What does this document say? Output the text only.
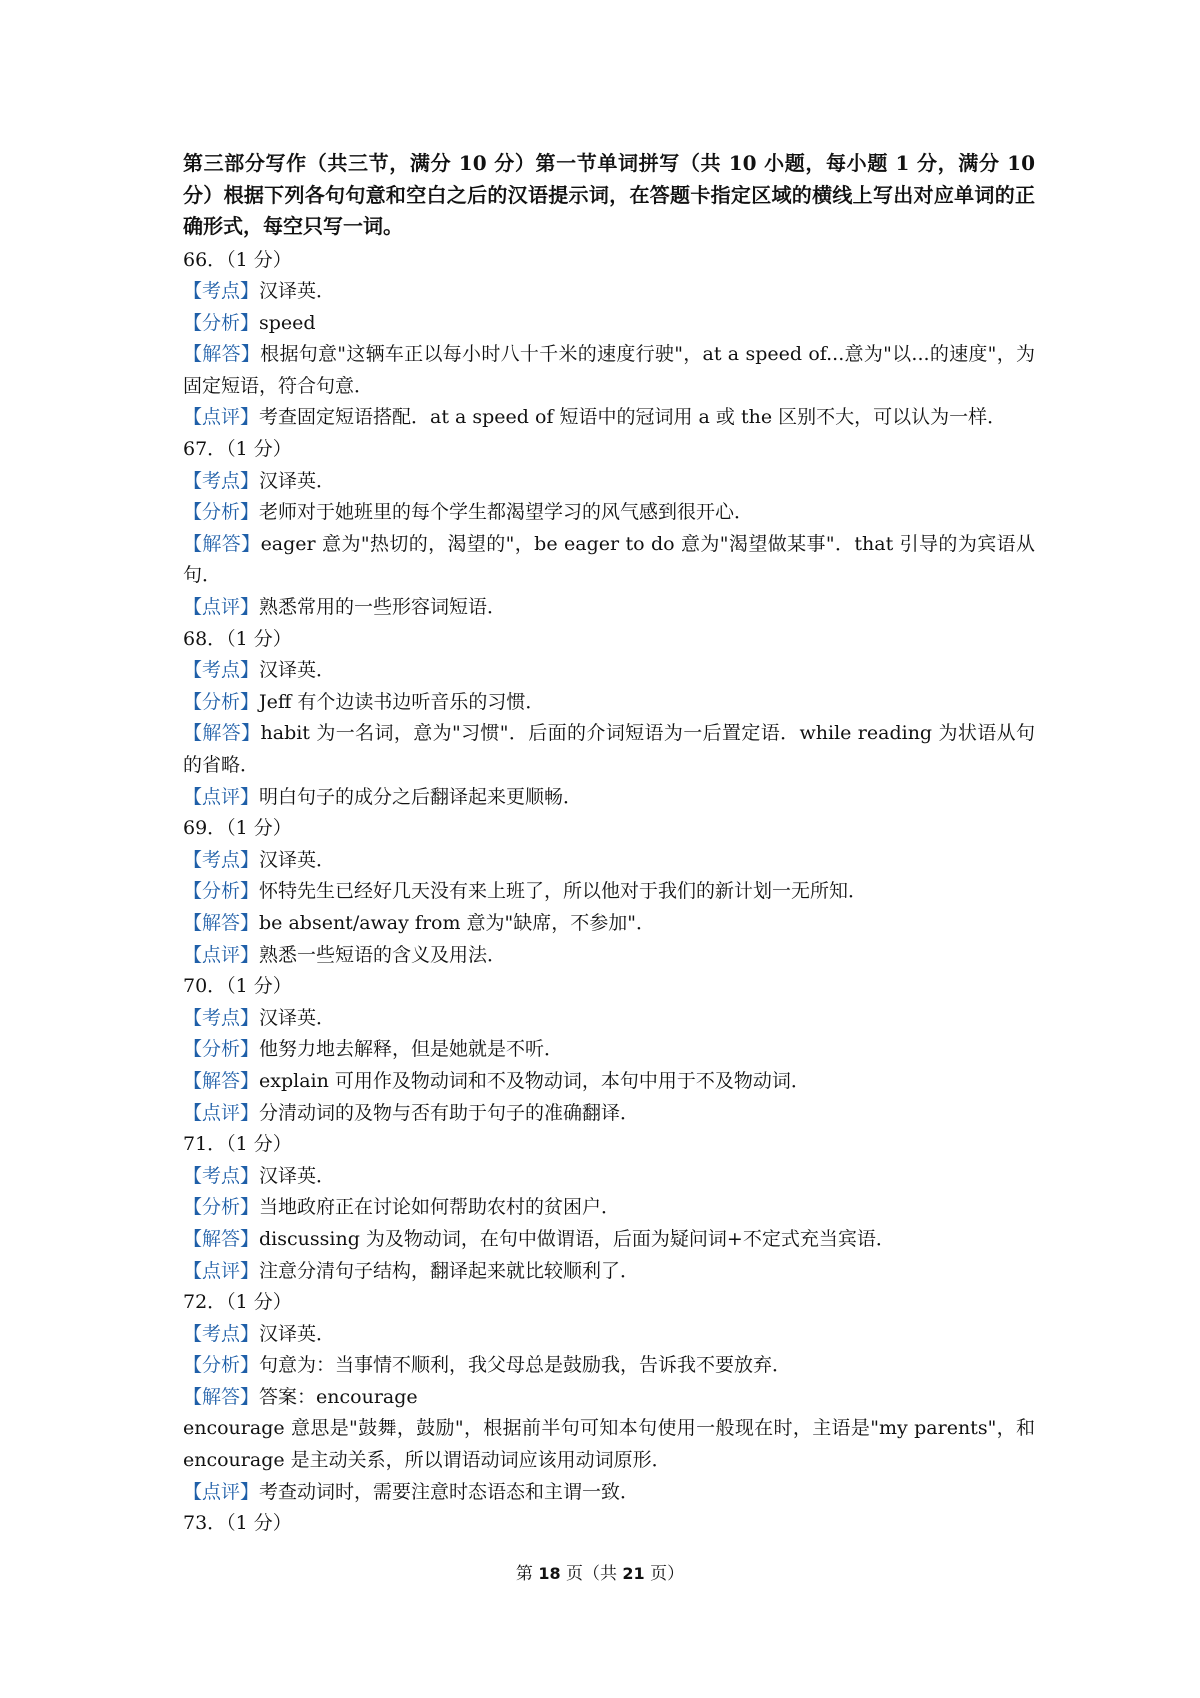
第三部分写作（共三节，满分 10 分）第一节单词拼写（共 10 小题，每小题 1 分，满分 10 分）根据下列各句句意和空白之后的汉语提示词，在答题卡指定区域的横线上写出对应单词的正确形式，每空只写一词。
66．（1 分）
【考点】汉译英．
【分析】speed
【解答】根据句意"这辆车正以每小时八十千米的速度行驶"，at a speed of...意为"以...的速度"，为固定短语，符合句意．
【点评】考查固定短语搭配．at a speed of 短语中的冠词用 a 或 the 区别不大，可以认为一样．
67．（1 分）
【考点】汉译英．
【分析】老师对于她班里的每个学生都渴望学习的风气感到很开心．
【解答】eager 意为"热切的，渴望的"，be eager to do 意为"渴望做某事"．that 引导的为宾语从句．
【点评】熟悉常用的一些形容词短语．
68．（1 分）
【考点】汉译英．
【分析】Jeff 有个边读书边听音乐的习惯．
【解答】habit 为一名词，意为"习惯"．后面的介词短语为一后置定语．while reading 为状语从句的省略．
【点评】明白句子的成分之后翻译起来更顺畅．
69．（1 分）
【考点】汉译英．
【分析】怀特先生已经好几天没有来上班了，所以他对于我们的新计划一无所知．
【解答】be absent/away from 意为"缺席，不参加"．
【点评】熟悉一些短语的含义及用法．
70．（1 分）
【考点】汉译英．
【分析】他努力地去解释，但是她就是不听．
【解答】explain 可用作及物动词和不及物动词，本句中用于不及物动词．
【点评】分清动词的及物与否有助于句子的准确翻译．
71．（1 分）
【考点】汉译英．
【分析】当地政府正在讨论如何帮助农村的贫困户．
【解答】discussing 为及物动词，在句中做谓语，后面为疑问词+不定式充当宾语．
【点评】注意分清句子结构，翻译起来就比较顺利了．
72．（1 分）
【考点】汉译英．
【分析】句意为：当事情不顺利，我父母总是鼓励我，告诉我不要放弃．
【解答】答案：encourage
encourage 意思是"鼓舞，鼓励"，根据前半句可知本句使用一般现在时，主语是"my parents"，和 encourage 是主动关系，所以谓语动词应该用动词原形．
【点评】考查动词时，需要注意时态语态和主谓一致．
73．（1 分）
第 18 页（共 21 页）
